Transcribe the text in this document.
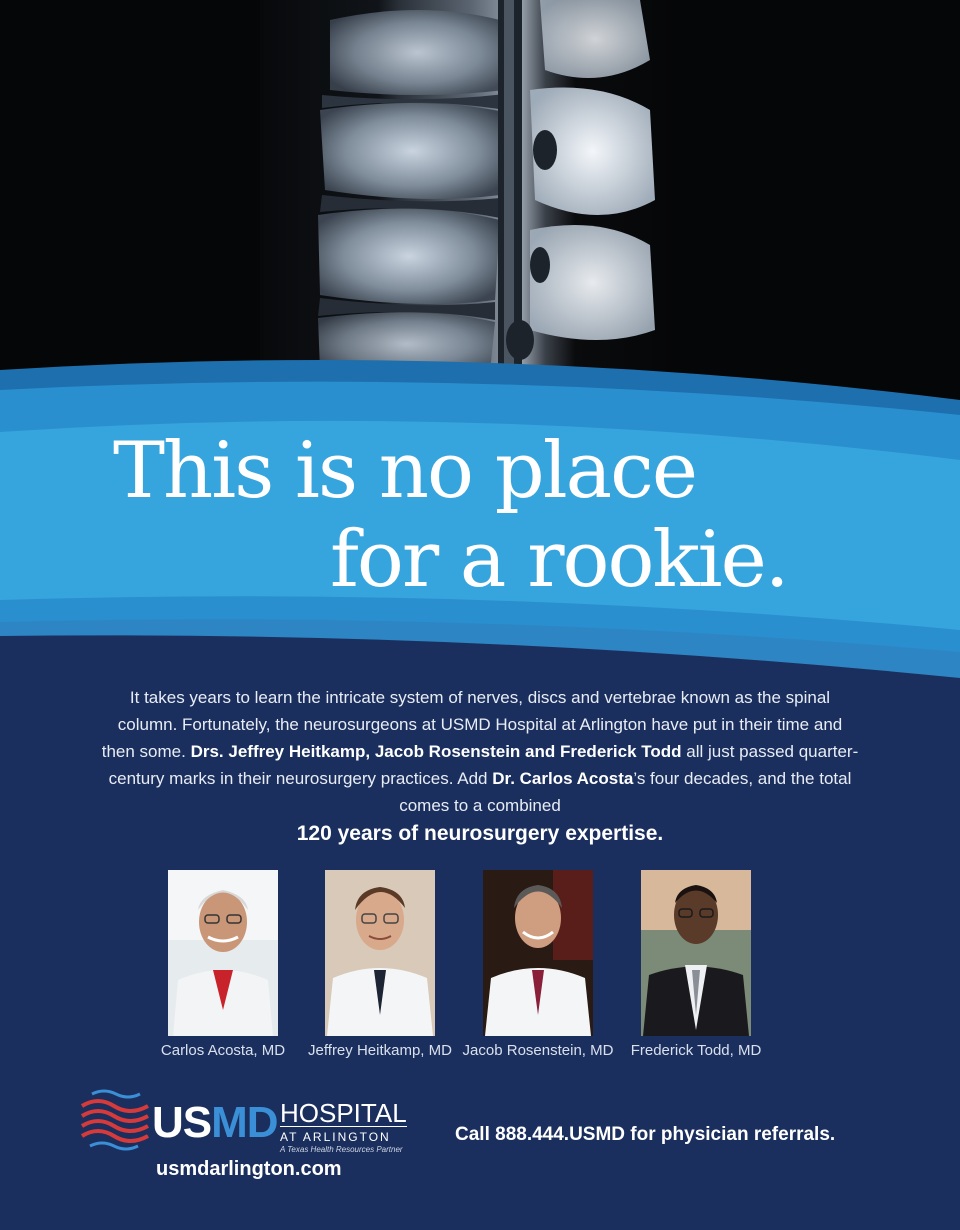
This is no place
for a rookie.
It takes years to learn the intricate system of nerves, discs and vertebrae known as the spinal column. Fortunately, the neurosurgeons at USMD Hospital at Arlington have put in their time and then some. Drs. Jeffrey Heitkamp, Jacob Rosenstein and Frederick Todd all just passed quarter-century marks in their neurosurgery practices. Add Dr. Carlos Acosta’s four decades, and the total comes to a combined
120 years of neurosurgery expertise.
Carlos Acosta, MD	Jeffrey Heitkamp, MD Jacob Rosenstein, MD	Frederick Todd, MD
USMD HOSPITAL
AT ARLINGTON
A Texas Health Resources Partner
usmdarlington.com
Call 888.444.USMD for physician referrals.
